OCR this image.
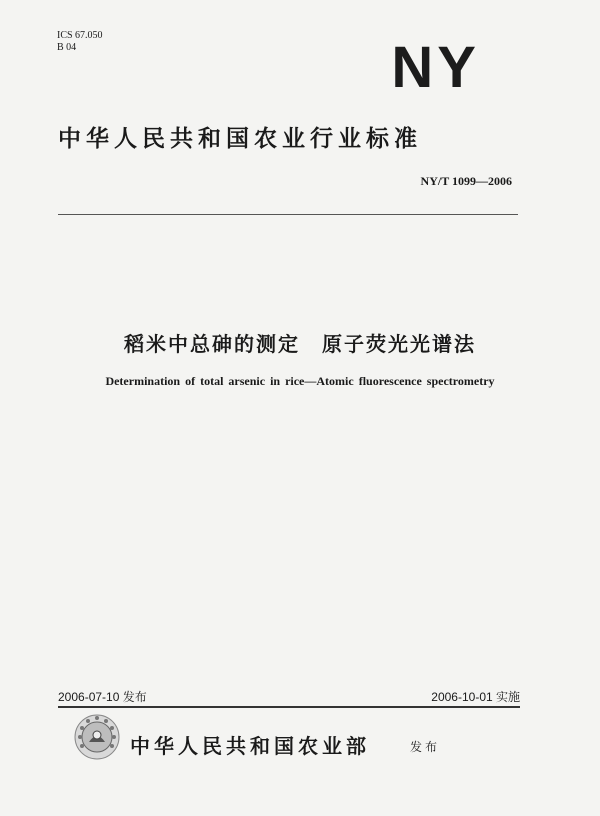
ICS 67.050
B 04	NY
中华人民共和国农业行业标准
NY/T 1099—2006
稻米中总砷的测定　原子荧光光谱法
Determination of total arsenic in rice—Atomic fluorescence spectrometry
2006-07-10 发布	2006-10-01 实施
中华人民共和国农业部	发布
